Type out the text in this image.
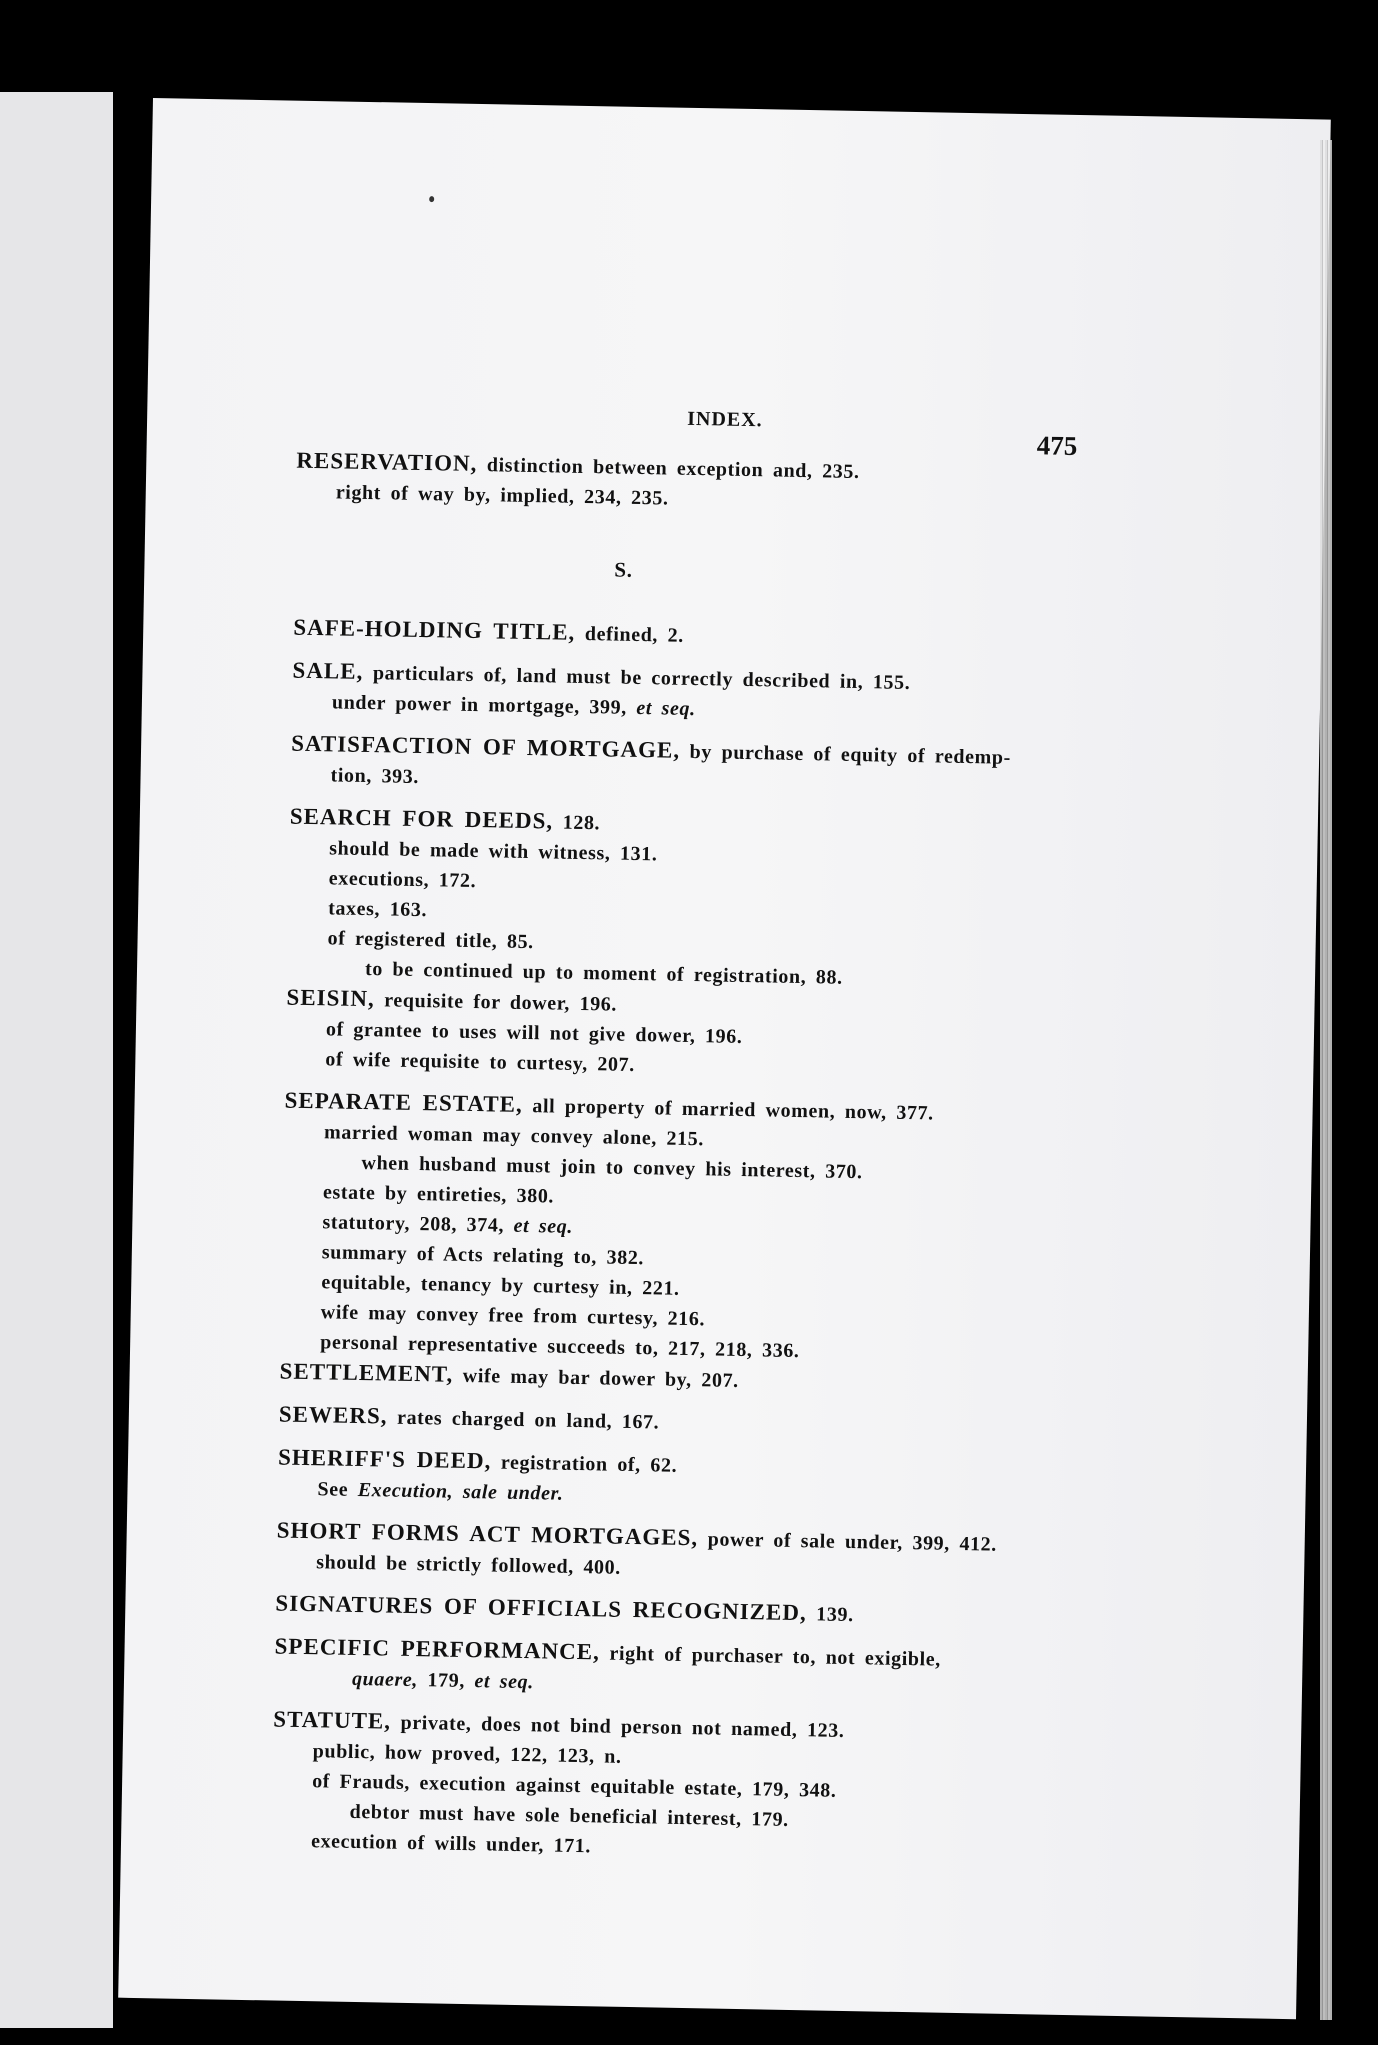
INDEX.
475

RESERVATION, distinction between exception and, 235.

right of way by, implied, 234, 235.

S.

SAFE-HOLDING TITLE, defined, 2.

SALE, particulars of, land must be correctly described in, 155.

under power in mortgage, 399, et seq.

SATISFACTION OF MORTGAGE, by purchase of equity of redemp-

tion, 393.

SEARCH FOR DEEDS, 128.

should be made with witness, 131.

executions, 172.

taxes, 163.

of registered title, 85.

to be continued up to moment of registration, 88.

SEISIN, requisite for dower, 196.

of grantee to uses will not give dower, 196.

of wife requisite to curtesy, 207.

SEPARATE ESTATE, all property of married women, now, 377.

married woman may convey alone, 215.

when husband must join to convey his interest, 370.

estate by entireties, 380.

statutory, 208, 374, et seq.

summary of Acts relating to, 382.

equitable, tenancy by curtesy in, 221.

wife may convey free from curtesy, 216.

personal representative succeeds to, 217, 218, 336.

SETTLEMENT, wife may bar dower by, 207.

SEWERS, rates charged on land, 167.

SHERIFF'S DEED, registration of, 62.

See Execution, sale under.

SHORT FORMS ACT MORTGAGES, power of sale under, 399, 412.

should be strictly followed, 400.

SIGNATURES OF OFFICIALS RECOGNIZED, 139.

SPECIFIC PERFORMANCE, right of purchaser to, not exigible,

quaere, 179, et seq.

STATUTE, private, does not bind person not named, 123.

public, how proved, 122, 123, n.

of Frauds, execution against equitable estate, 179, 348.

debtor must have sole beneficial interest, 179.

execution of wills under, 171.
